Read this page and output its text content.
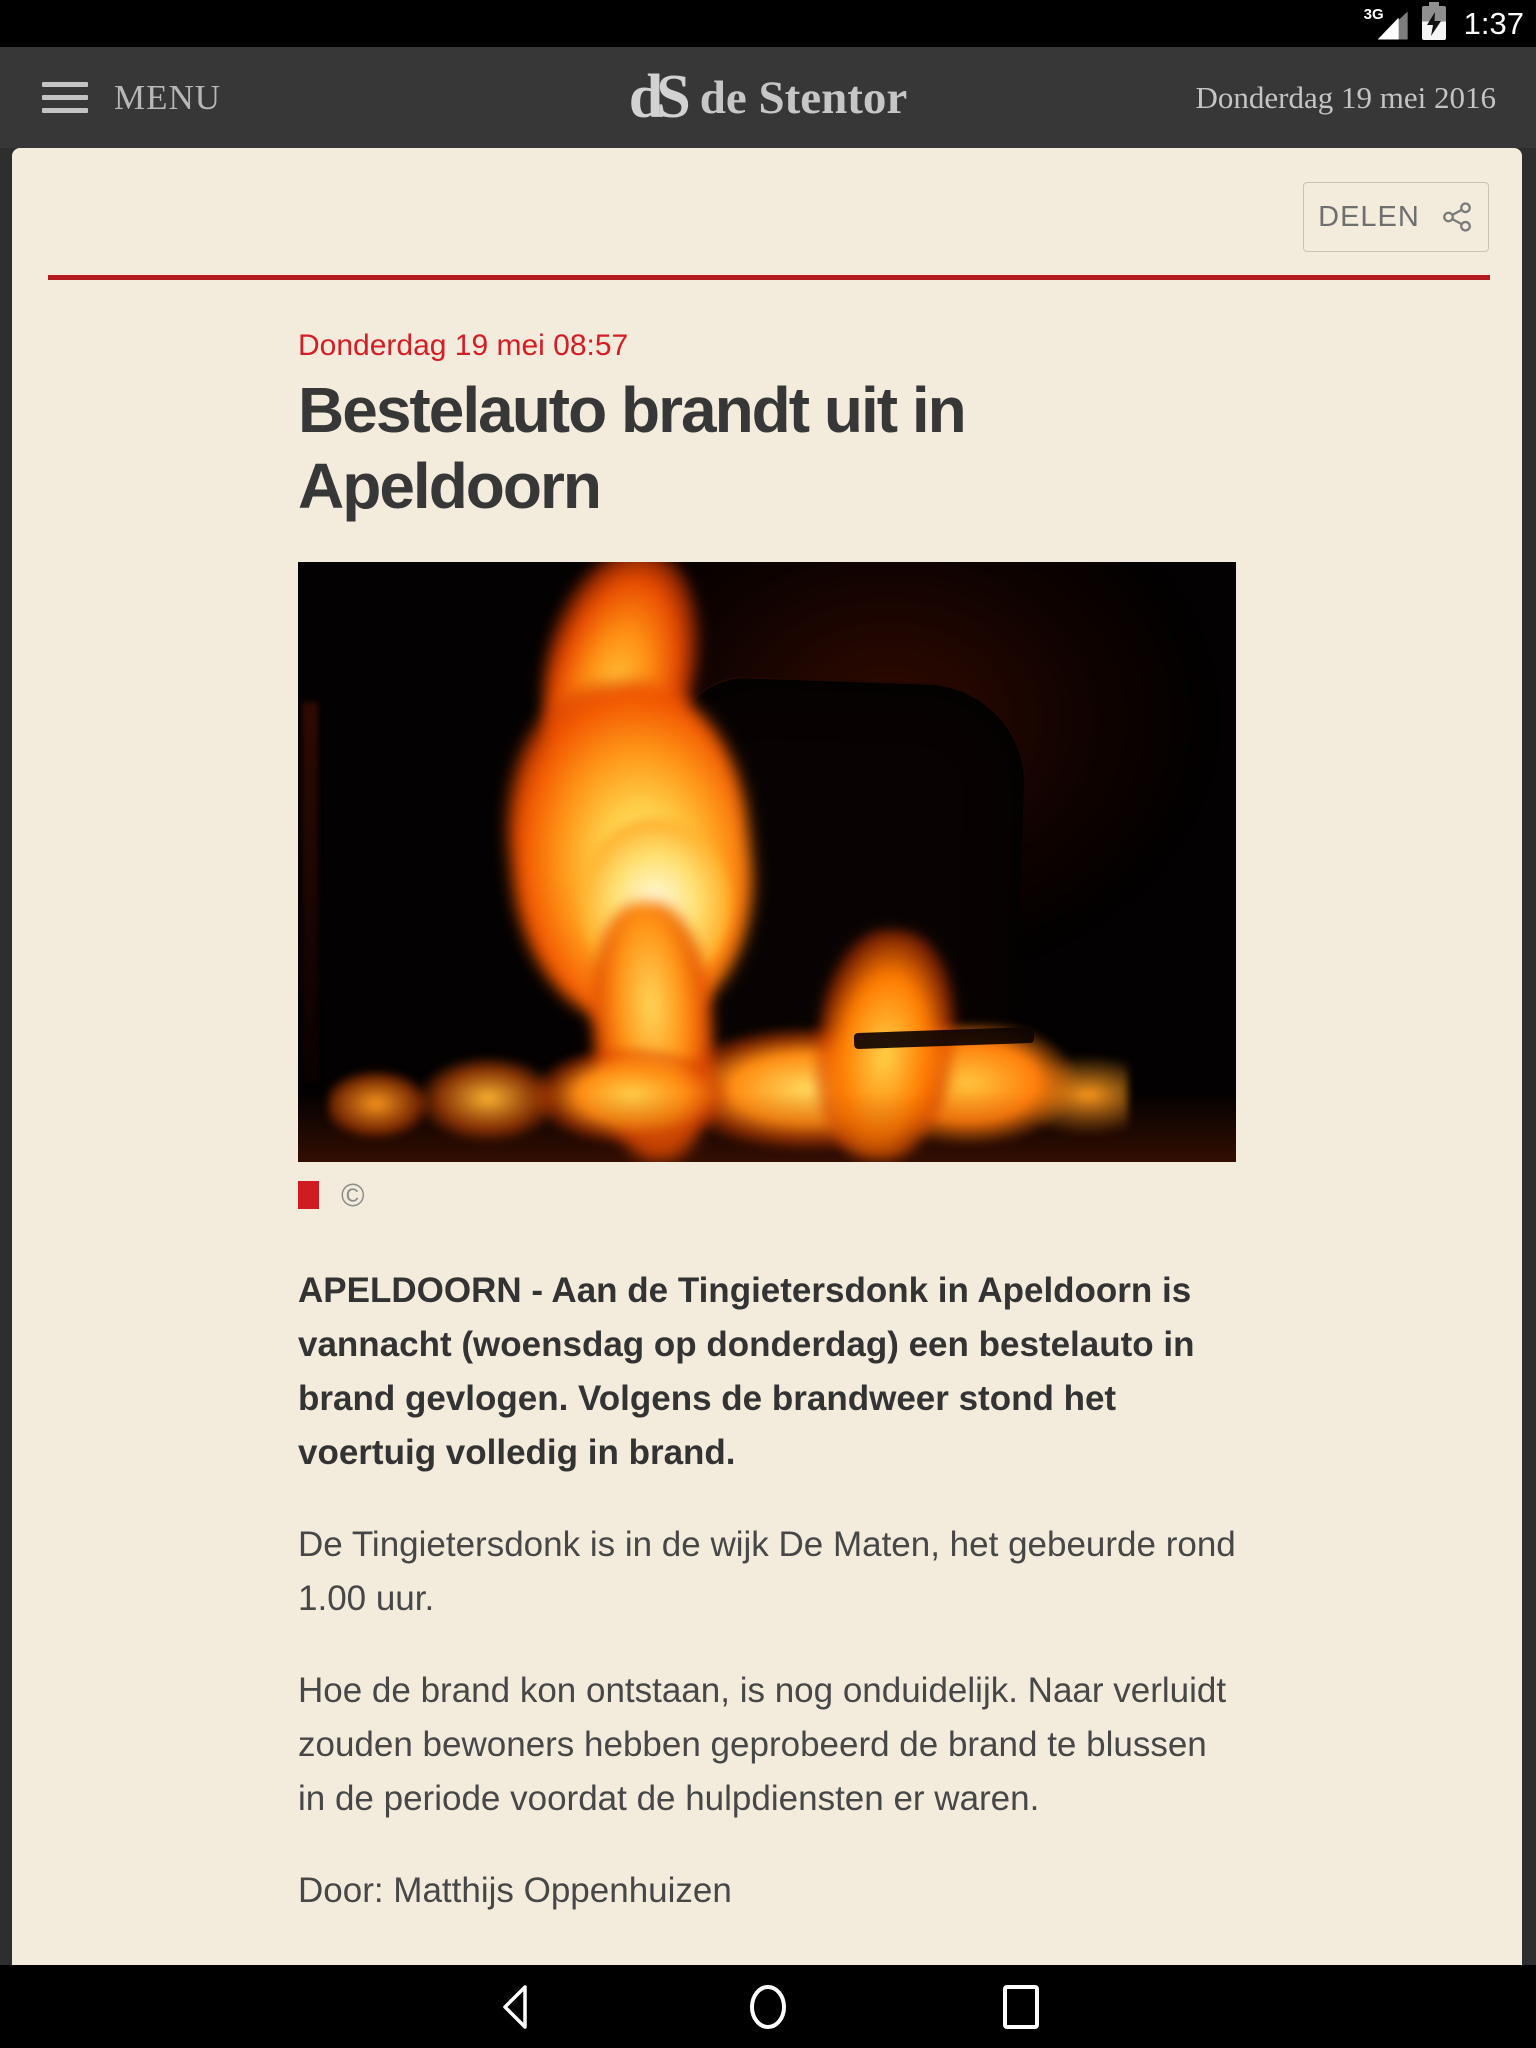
3G	1:37
MENU	dS de Stentor	Donderdag 19 mei 2016
DELEN

Donderdag 19 mei 08:57

Bestelauto brandt uit in Apeldoorn
©

APELDOORN - Aan de Tingietersdonk in Apeldoorn is vannacht (woensdag op donderdag) een bestelauto in brand gevlogen. Volgens de brandweer stond het voertuig volledig in brand.

De Tingietersdonk is in de wijk De Maten, het gebeurde rond 1.00 uur.

Hoe de brand kon ontstaan, is nog onduidelijk. Naar verluidt zouden bewoners hebben geprobeerd de brand te blussen in de periode voordat de hulpdiensten er waren.

Door: Matthijs Oppenhuizen
